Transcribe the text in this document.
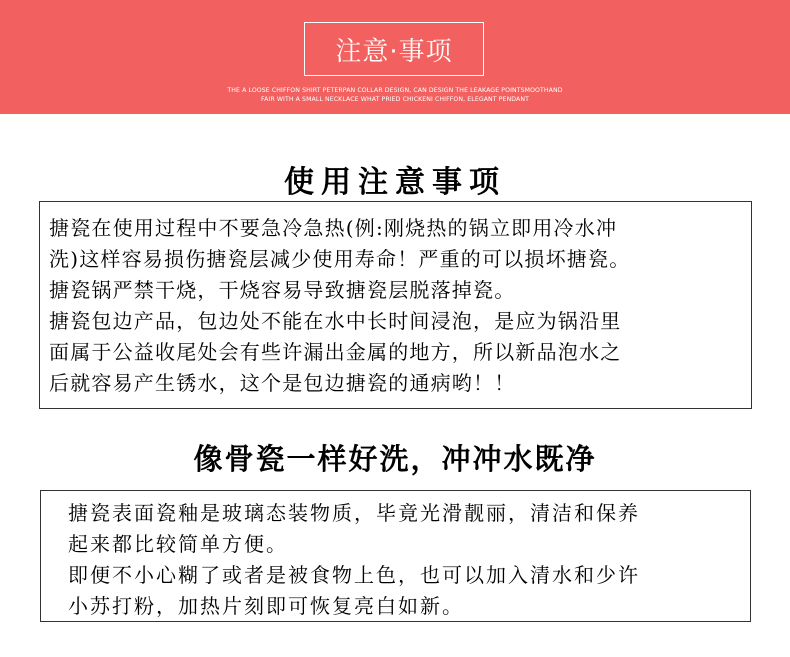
注意·事项
THE A LOOSE CHIFFON SHIRT PETERPAN COLLAR DESIGN, CAN DESIGN THE LEAKAGE POINTSMOOTHAND
FAIR WITH A SMALL NECKLACE WHAT PRIED CHICKENI CHIFFON, ELEGANT PENDANT
使用注意事项
搪瓷在使用过程中不要急冷急热(例:刚烧热的锅立即用冷水冲
洗)这样容易损伤搪瓷层减少使用寿命！严重的可以损坏搪瓷。
搪瓷锅严禁干烧，干烧容易导致搪瓷层脱落掉瓷。
搪瓷包边产品，包边处不能在水中长时间浸泡，是应为锅沿里
面属于公益收尾处会有些许漏出金属的地方，所以新品泡水之
后就容易产生锈水，这个是包边搪瓷的通病哟！！
像骨瓷一样好洗，冲冲水既净
搪瓷表面瓷釉是玻璃态装物质，毕竟光滑靓丽，清洁和保养
起来都比较简单方便。
即便不小心糊了或者是被食物上色，也可以加入清水和少许
小苏打粉，加热片刻即可恢复亮白如新。
